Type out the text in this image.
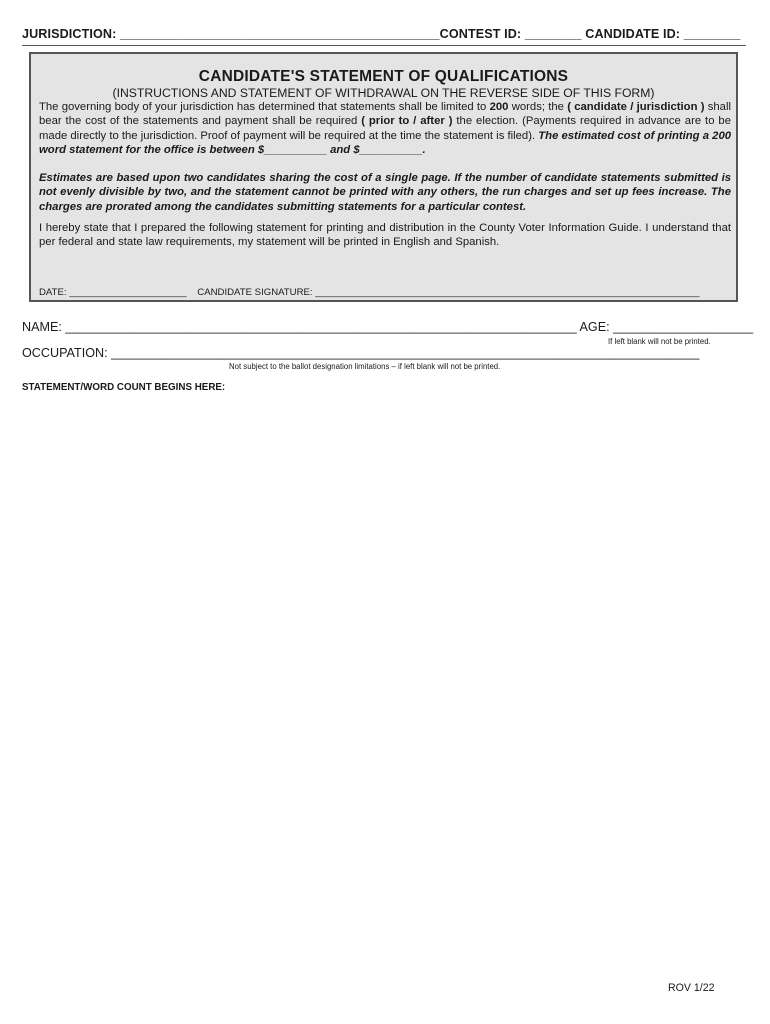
JURISDICTION: _____________________________________________CONTEST ID: ________ CANDIDATE ID: ________
CANDIDATE'S STATEMENT OF QUALIFICATIONS
(INSTRUCTIONS AND STATEMENT OF WITHDRAWAL ON THE REVERSE SIDE OF THIS FORM)
The governing body of your jurisdiction has determined that statements shall be limited to 200 words; the ( candidate / jurisdiction ) shall bear the cost of the statements and payment shall be required ( prior to / after ) the election. (Payments required in advance are to be made directly to the jurisdiction. Proof of payment will be required at the time the statement is filed). The estimated cost of printing a 200 word statement for the office is between $__________ and $__________.
Estimates are based upon two candidates sharing the cost of a single page. If the number of candidate statements submitted is not evenly divisible by two, and the statement cannot be printed with any others, the run charges and set up fees increase. The charges are prorated among the candidates submitting statements for a particular contest.
I hereby state that I prepared the following statement for printing and distribution in the County Voter Information Guide. I understand that per federal and state law requirements, my statement will be printed in English and Spanish.
DATE: ______________________ CANDIDATE SIGNATURE: ________________________________________________________________________
NAME: _________________________________________________________________________ AGE: ____________________
If left blank will not be printed.
OCCUPATION: ____________________________________________________________________________________
Not subject to the ballot designation limitations – if left blank will not be printed.
STATEMENT/WORD COUNT BEGINS HERE:
ROV 1/22
